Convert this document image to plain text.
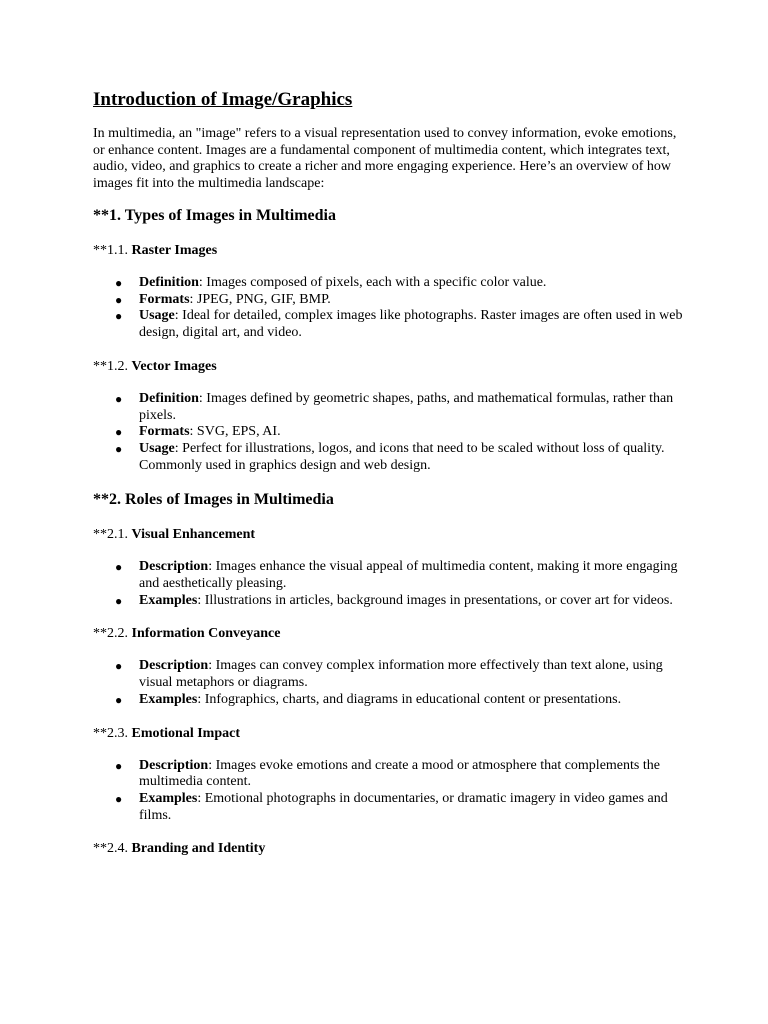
Introduction of Image/Graphics

In multimedia, an "image" refers to a visual representation used to convey information, evoke emotions, or enhance content. Images are a fundamental component of multimedia content, which integrates text, audio, video, and graphics to create a richer and more engaging experience. Here’s an overview of how images fit into the multimedia landscape:

**1. Types of Images in Multimedia
**1.1. Raster Images
● Definition: Images composed of pixels, each with a specific color value.
● Formats: JPEG, PNG, GIF, BMP.
● Usage: Ideal for detailed, complex images like photographs. Raster images are often used in web design, digital art, and video.
**1.2. Vector Images
● Definition: Images defined by geometric shapes, paths, and mathematical formulas, rather than pixels.
● Formats: SVG, EPS, AI.
● Usage: Perfect for illustrations, logos, and icons that need to be scaled without loss of quality. Commonly used in graphics design and web design.
**2. Roles of Images in Multimedia
**2.1. Visual Enhancement
● Description: Images enhance the visual appeal of multimedia content, making it more engaging and aesthetically pleasing.
● Examples: Illustrations in articles, background images in presentations, or cover art for videos.
**2.2. Information Conveyance
● Description: Images can convey complex information more effectively than text alone, using visual metaphors or diagrams.
● Examples: Infographics, charts, and diagrams in educational content or presentations.
**2.3. Emotional Impact
● Description: Images evoke emotions and create a mood or atmosphere that complements the multimedia content.
● Examples: Emotional photographs in documentaries, or dramatic imagery in video games and films.
**2.4. Branding and Identity
